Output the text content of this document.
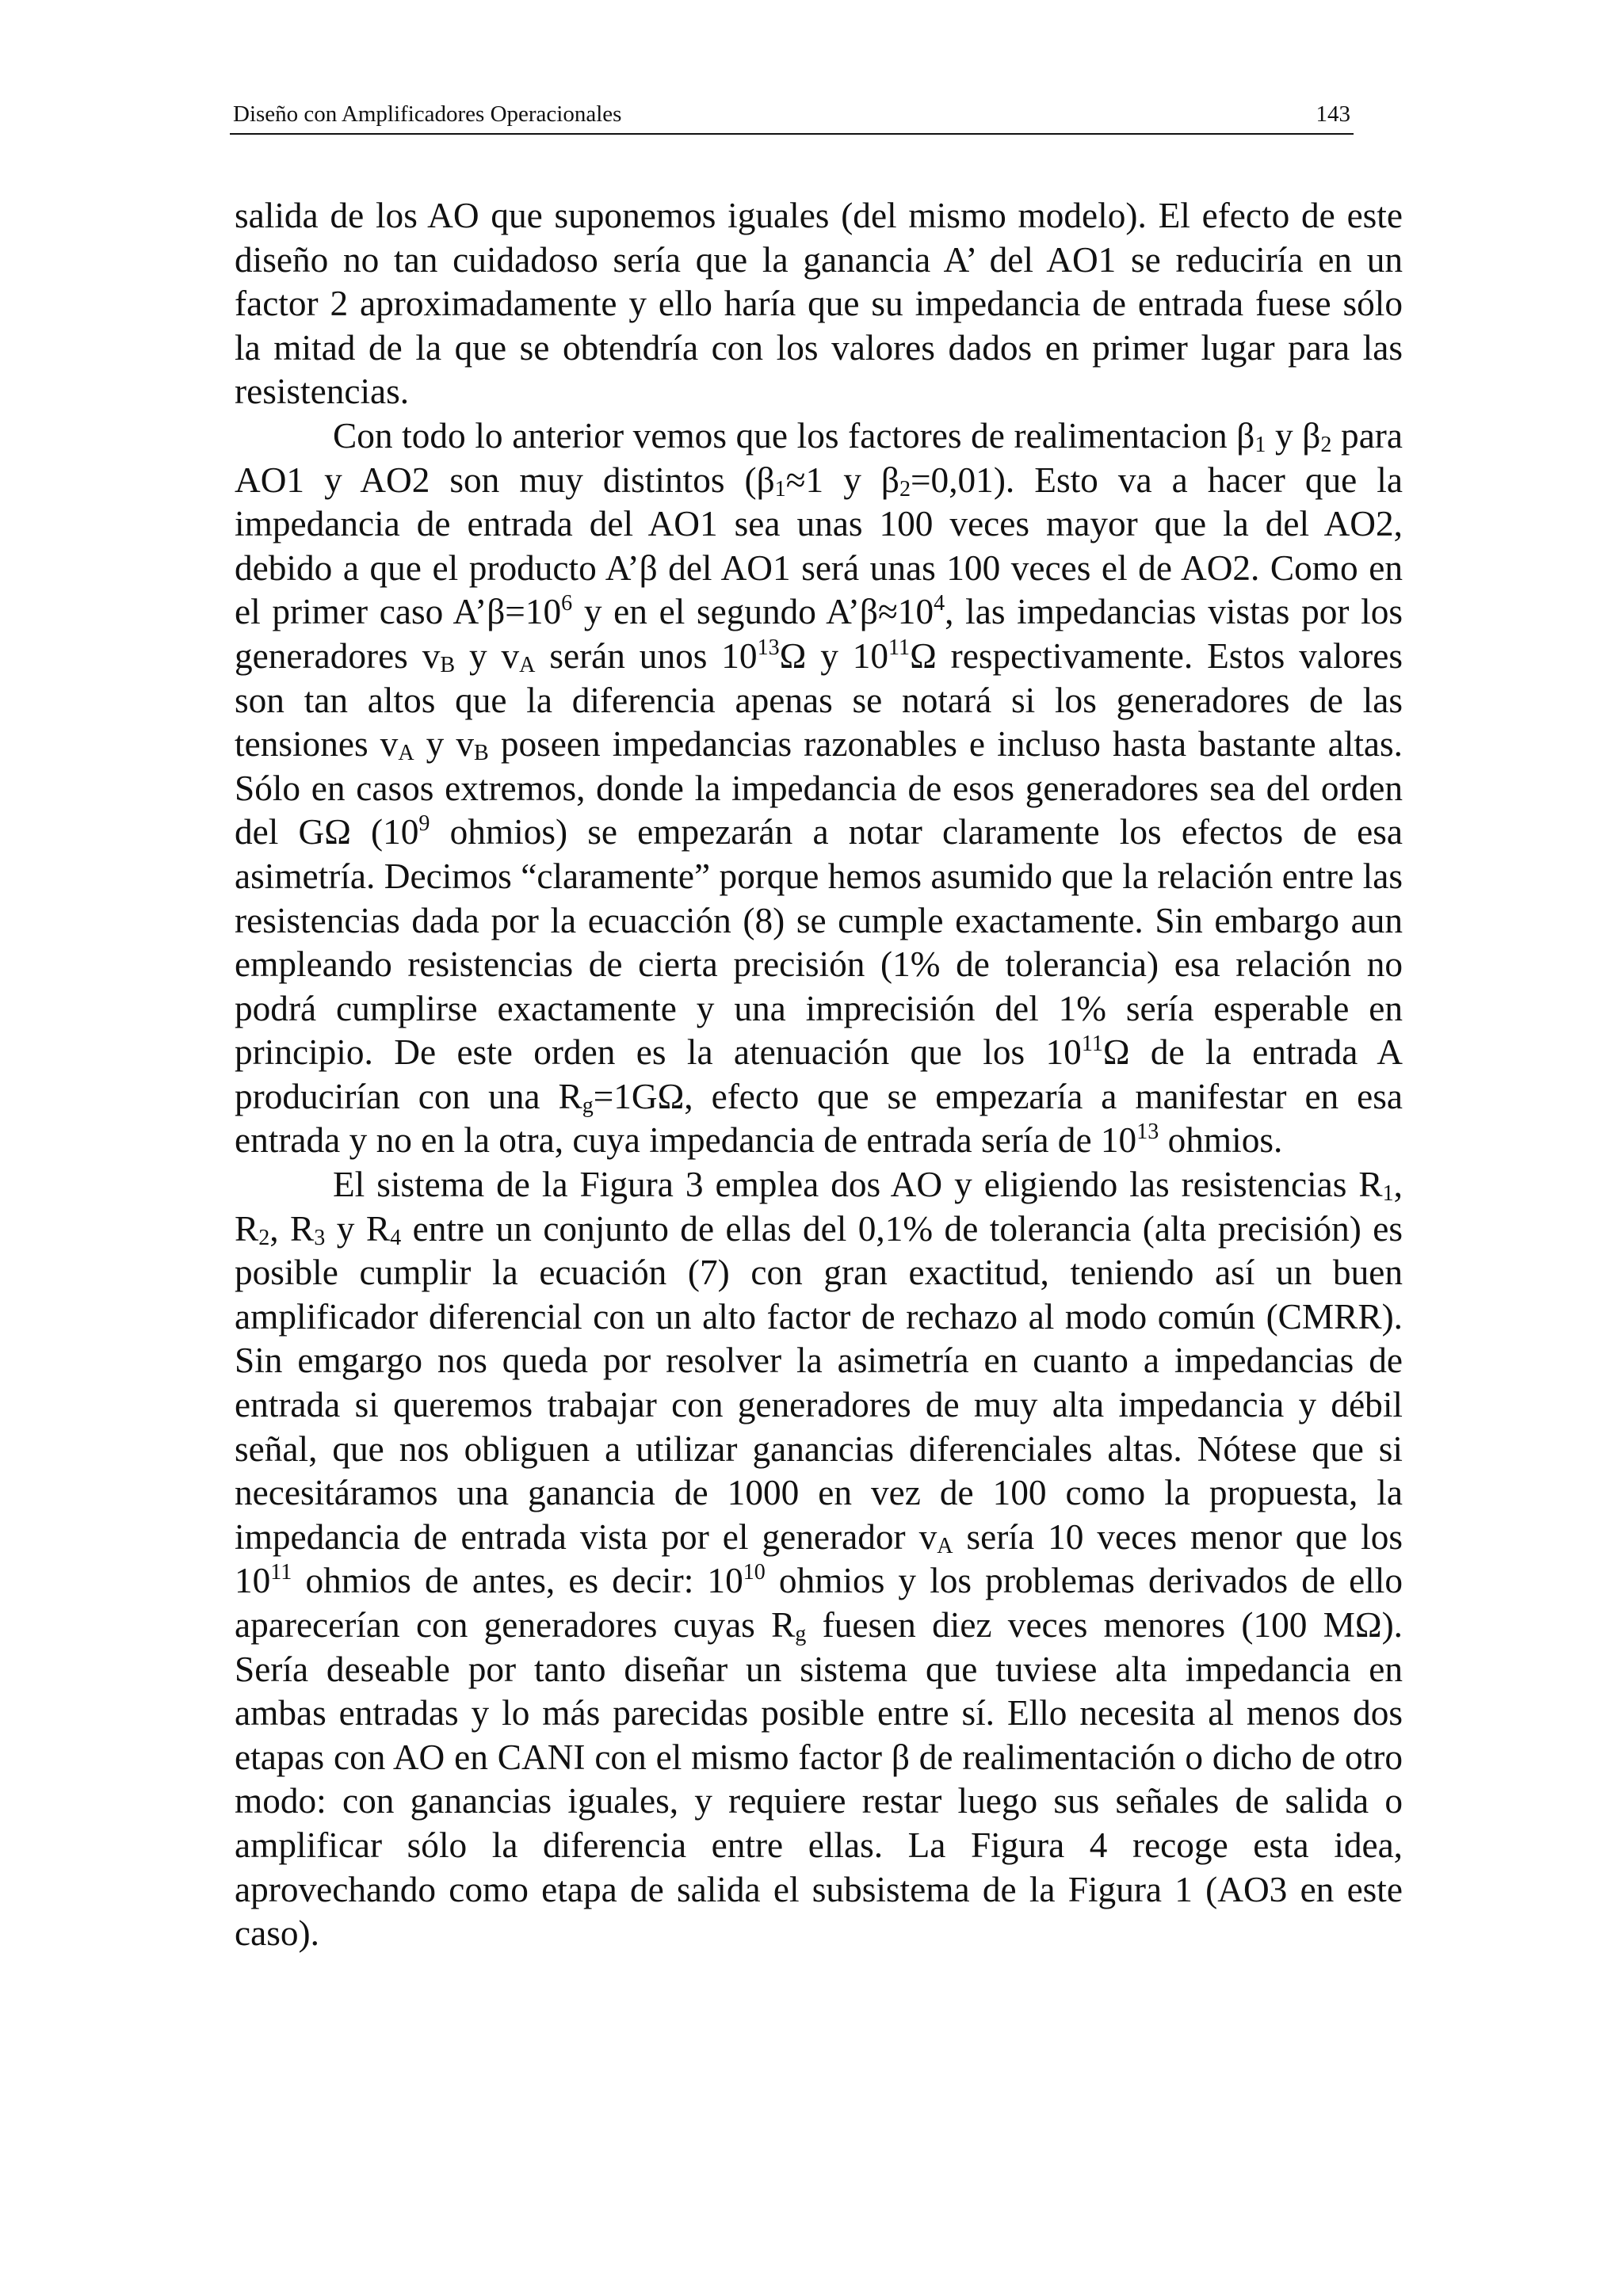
Diseño con Amplificadores Operacionales	143

salida de los AO que suponemos iguales (del mismo modelo). El efecto de este diseño no tan cuidadoso sería que la ganancia A’ del AO1 se reduciría en un factor 2 aproximadamente y ello haría que su impedancia de entrada fuese sólo la mitad de la que se obtendría con los valores dados en primer lugar para las resistencias.

Con todo lo anterior vemos que los factores de realimentacion β1 y β2 para AO1 y AO2 son muy distintos (β1≈1 y β2=0,01). Esto va a hacer que la impedancia de entrada del AO1 sea unas 100 veces mayor que la del AO2, debido a que el producto A’β del AO1 será unas 100 veces el de AO2. Como en el primer caso $A’\beta=10^6$ y en el segundo $A’\beta\approx 10^4$, las impedancias vistas por los generadores vB y vA serán unos $10^{13}\Omega$ y $10^{11}\Omega$ respectivamente. Estos valores son tan altos que la diferencia apenas se notará si los generadores de las tensiones vA y vB poseen impedancias razonables e incluso hasta bastante altas. Sólo en casos extremos, donde la impedancia de esos generadores sea del orden del GΩ ($10^9$ ohmios) se empezarán a notar claramente los efectos de esa asimetría. Decimos “claramente” porque hemos asumido que la relación entre las resistencias dada por la ecuacción (8) se cumple exactamente. Sin embargo aun empleando resistencias de cierta precisión (1% de tolerancia) esa relación no podrá cumplirse exactamente y una imprecisión del 1% sería esperable en principio. De este orden es la atenuación que los $10^{11}\Omega$ de la entrada A producirían con una Rg=1GΩ, efecto que se empezaría a manifestar en esa entrada y no en la otra, cuya impedancia de entrada sería de $10^{13}$ ohmios.

El sistema de la Figura 3 emplea dos AO y eligiendo las resistencias R1, R2, R3 y R4 entre un conjunto de ellas del 0,1% de tolerancia (alta precisión) es posible cumplir la ecuación (7) con gran exactitud, teniendo así un buen amplificador diferencial con un alto factor de rechazo al modo común (CMRR). Sin emgargo nos queda por resolver la asimetría en cuanto a impedancias de entrada si queremos trabajar con generadores de muy alta impedancia y débil señal, que nos obliguen a utilizar ganancias diferenciales altas. Nótese que si necesitáramos una ganancia de 1000 en vez de 100 como la propuesta, la impedancia de entrada vista por el generador vA sería 10 veces menor que los $10^{11}$ ohmios de antes, es decir: $10^{10}$ ohmios y los problemas derivados de ello aparecerían con generadores cuyas Rg fuesen diez veces menores (100 MΩ). Sería deseable por tanto diseñar un sistema que tuviese alta impedancia en ambas entradas y lo más parecidas posible entre sí. Ello necesita al menos dos etapas con AO en CANI con el mismo factor β de realimentación o dicho de otro modo: con ganancias iguales, y requiere restar luego sus señales de salida o amplificar sólo la diferencia entre ellas. La Figura 4 recoge esta idea, aprovechando como etapa de salida el subsistema de la Figura 1 (AO3 en este caso).
